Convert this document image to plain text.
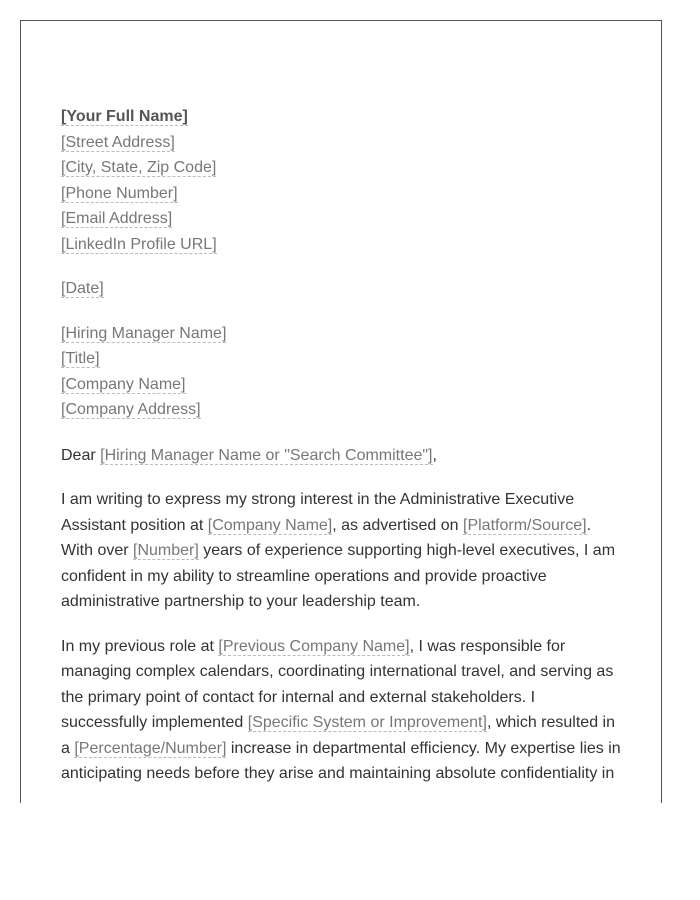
[Your Full Name]
[Street Address]
[City, State, Zip Code]
[Phone Number]
[Email Address]
[LinkedIn Profile URL]
[Date]
[Hiring Manager Name]
[Title]
[Company Name]
[Company Address]

Dear [Hiring Manager Name or "Search Committee"],

I am writing to express my strong interest in the Administrative Executive Assistant position at [Company Name], as advertised on [Platform/Source]. With over [Number] years of experience supporting high-level executives, I am confident in my ability to streamline operations and provide proactive administrative partnership to your leadership team.

In my previous role at [Previous Company Name], I was responsible for managing complex calendars, coordinating international travel, and serving as the primary point of contact for internal and external stakeholders. I successfully implemented [Specific System or Improvement], which resulted in a [Percentage/Number] increase in departmental efficiency. My expertise lies in anticipating needs before they arise and maintaining absolute confidentiality in
